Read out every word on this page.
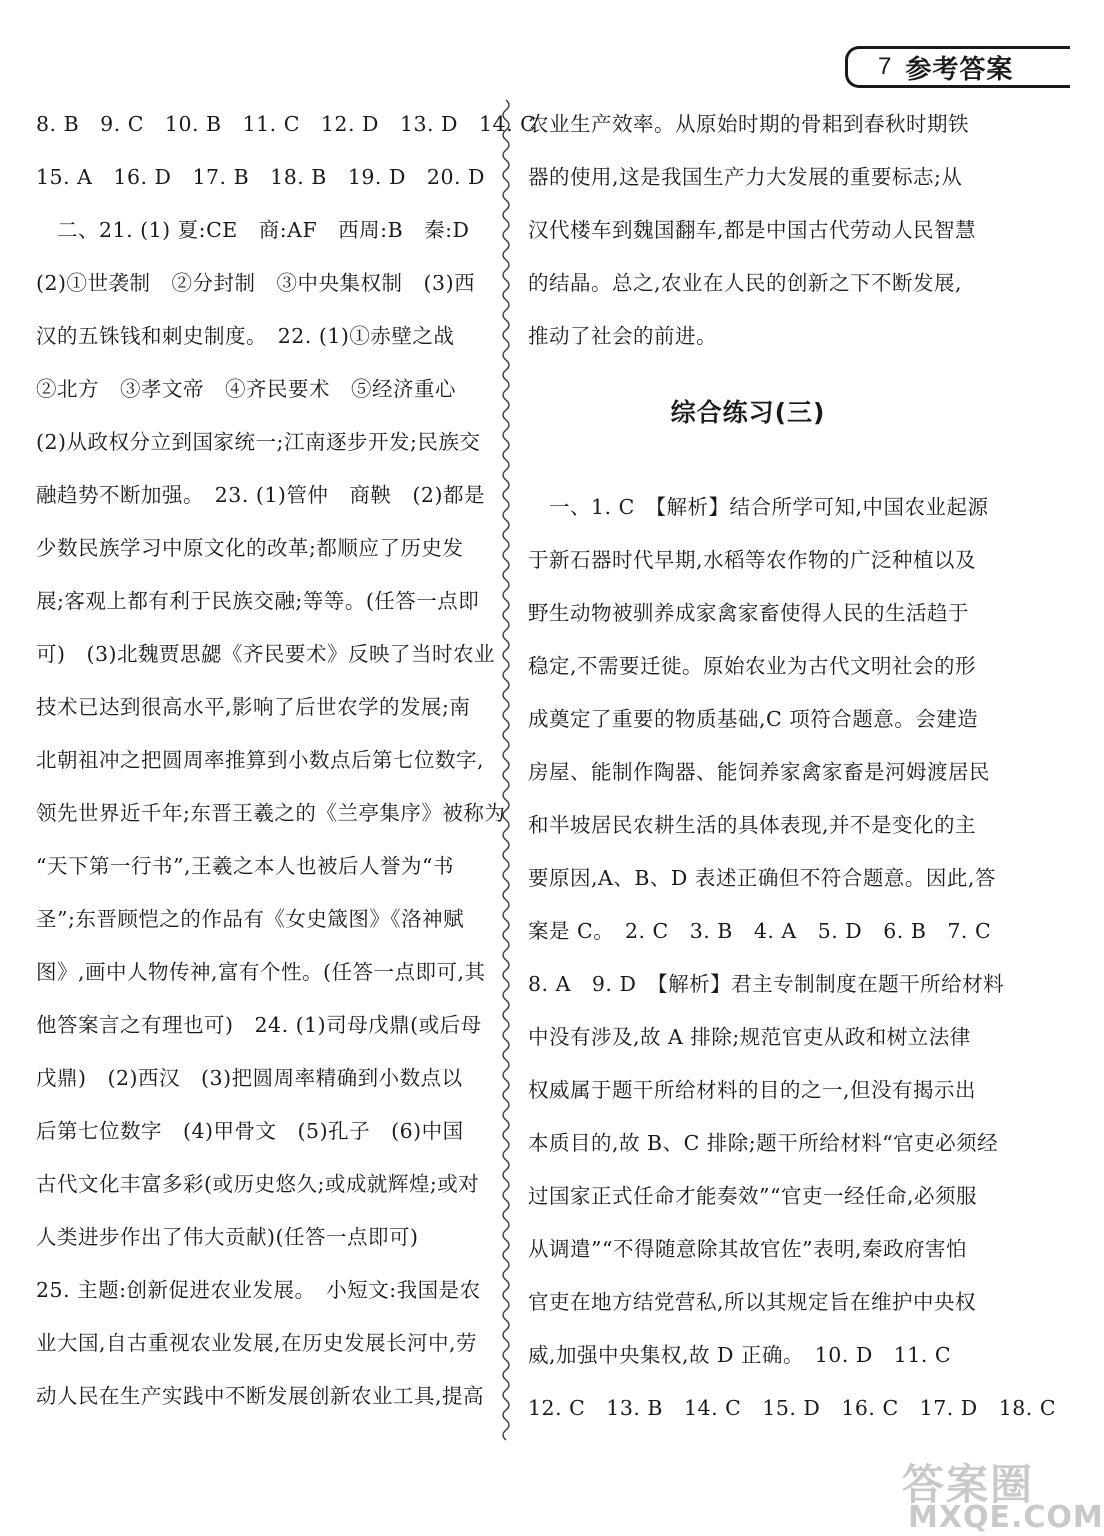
7 参考答案
8. B　9. C　10. B　11. C　12. D　13. D　14. C
15. A　16. D　17. B　18. B　19. D　20. D
　二、21. (1) 夏:CE　商:AF　西周:B　秦:D
(2)①世袭制　②分封制　③中央集权制　(3)西
汉的五铢钱和刺史制度。　22. (1)①赤壁之战
②北方　③孝文帝　④齐民要术　⑤经济重心
(2)从政权分立到国家统一;江南逐步开发;民族交
融趋势不断加强。　23. (1)管仲　商鞅　(2)都是
少数民族学习中原文化的改革;都顺应了历史发
展;客观上都有利于民族交融;等等。(任答一点即
可)　(3)北魏贾思勰《齐民要术》反映了当时农业
技术已达到很高水平,影响了后世农学的发展;南
北朝祖冲之把圆周率推算到小数点后第七位数字,
领先世界近千年;东晋王羲之的《兰亭集序》被称为
“天下第一行书”,王羲之本人也被后人誉为“书
圣”;东晋顾恺之的作品有《女史箴图》《洛神赋
图》,画中人物传神,富有个性。(任答一点即可,其
他答案言之有理也可)　24. (1)司母戊鼎(或后母
戊鼎)　(2)西汉　(3)把圆周率精确到小数点以
后第七位数字　(4)甲骨文　(5)孔子　(6)中国
古代文化丰富多彩(或历史悠久;或成就辉煌;或对
人类进步作出了伟大贡献)(任答一点即可)
25. 主题:创新促进农业发展。　小短文:我国是农
业大国,自古重视农业发展,在历史发展长河中,劳
动人民在生产实践中不断发展创新农业工具,提高
农业生产效率。从原始时期的骨耜到春秋时期铁
器的使用,这是我国生产力大发展的重要标志;从
汉代楼车到魏国翻车,都是中国古代劳动人民智慧
的结晶。总之,农业在人民的创新之下不断发展,
推动了社会的前进。
综合练习(三)
　一、1. C　【解析】结合所学可知,中国农业起源
于新石器时代早期,水稻等农作物的广泛种植以及
野生动物被驯养成家禽家畜使得人民的生活趋于
稳定,不需要迁徙。原始农业为古代文明社会的形
成奠定了重要的物质基础,C 项符合题意。会建造
房屋、能制作陶器、能饲养家禽家畜是河姆渡居民
和半坡居民农耕生活的具体表现,并不是变化的主
要原因,A、B、D 表述正确但不符合题意。因此,答
案是 C。　2. C　3. B　4. A　5. D　6. B　7. C
8. A　9. D　【解析】君主专制制度在题干所给材料
中没有涉及,故 A 排除;规范官吏从政和树立法律
权威属于题干所给材料的目的之一,但没有揭示出
本质目的,故 B、C 排除;题干所给材料“官吏必须经
过国家正式任命才能奏效”“官吏一经任命,必须服
从调遣”“不得随意除其故官佐”表明,秦政府害怕
官吏在地方结党营私,所以其规定旨在维护中央权
威,加强中央集权,故 D 正确。　10. D　11. C
12. C　13. B　14. C　15. D　16. C　17. D　18. C
答案圈
MXQE.COM
